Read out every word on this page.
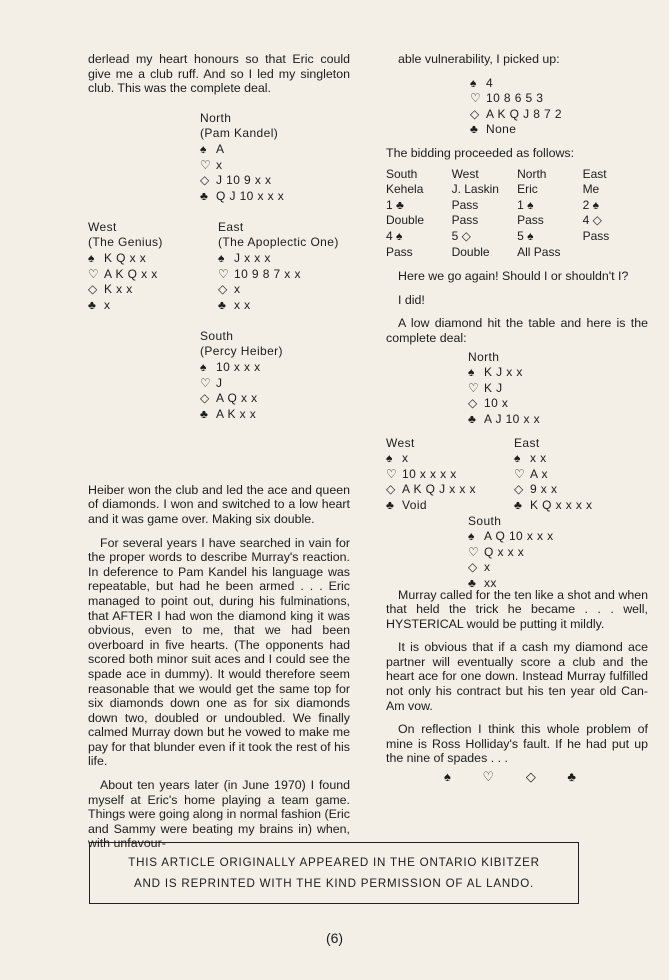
derlead my heart honours so that Eric could give me a club ruff. And so I led my singleton club. This was the complete deal.

North
(Pam Kandel)
♠ A
♡ x
◇ J 10 9 x x
♣ Q J 10 x x x
West
(The Genius)
♠ K Q x x
♡ A K Q x x
◇ K x x
♣ x
East
(The Apoplectic One)
♠ J x x x
♡ 10 9 8 7 x x
◇ x
♣ x x
South
(Percy Heiber)
♠ 10 x x x
♡ J
◇ A Q x x
♣ A K x x

Heiber won the club and led the ace and queen of diamonds. I won and switched to a low heart and it was game over. Making six double.

For several years I have searched in vain for the proper words to describe Murray's reaction. In deference to Pam Kandel his language was repeatable, but had he been armed . . . Eric managed to point out, during his fulminations, that AFTER I had won the diamond king it was obvious, even to me, that we had been overboard in five hearts. (The opponents had scored both minor suit aces and I could see the spade ace in dummy). It would therefore seem reasonable that we would get the same top for six diamonds down one as for six diamonds down two, doubled or undoubled. We finally calmed Murray down but he vowed to make me pay for that blunder even if it took the rest of his life.

About ten years later (in June 1970) I found myself at Eric's home playing a team game. Things were going along in normal fashion (Eric and Sammy were beating my brains in) when, with unfavour-

able vulnerability, I picked up:

♠ 4
♡ 10 8 6 5 3
◇ A K Q J 8 7 2
♣ None

The bidding proceeded as follows:

South	West	North	East
Kehela	J. Laskin	Eric	Me
1 ♣	Pass	1 ♠	2 ♠
Double	Pass	Pass	4 ◇
4 ♠	5 ◇	5 ♠	Pass
Pass	Double	All Pass	

Here we go again! Should I or shouldn't I?

I did!

A low diamond hit the table and here is the complete deal:

North
♠ K J x x
♡ K J
◇ 10 x
♣ A J 10 x x
West
♠ x
♡ 10 x x x x
◇ A K Q J x x x
♣ Void
East
♠ x x
♡ A x
◇ 9 x x
♣ K Q x x x x
South
♠ A Q 10 x x x
♡ Q x x x
◇ x
♣ xx

Murray called for the ten like a shot and when that held the trick he became . . . well, HYSTERICAL would be putting it mildly.

It is obvious that if a cash my diamond ace partner will eventually score a club and the heart ace for one down. Instead Murray fulfilled not only his contract but his ten year old Can-Am vow.

On reflection I think this whole problem of mine is Ross Holliday's fault. If he had put up the nine of spades . . .

♠ ♡ ◇ ♣
THIS ARTICLE ORIGINALLY APPEARED IN THE ONTARIO KIBITZER
AND IS REPRINTED WITH THE KIND PERMISSION OF AL LANDO.
(6)
